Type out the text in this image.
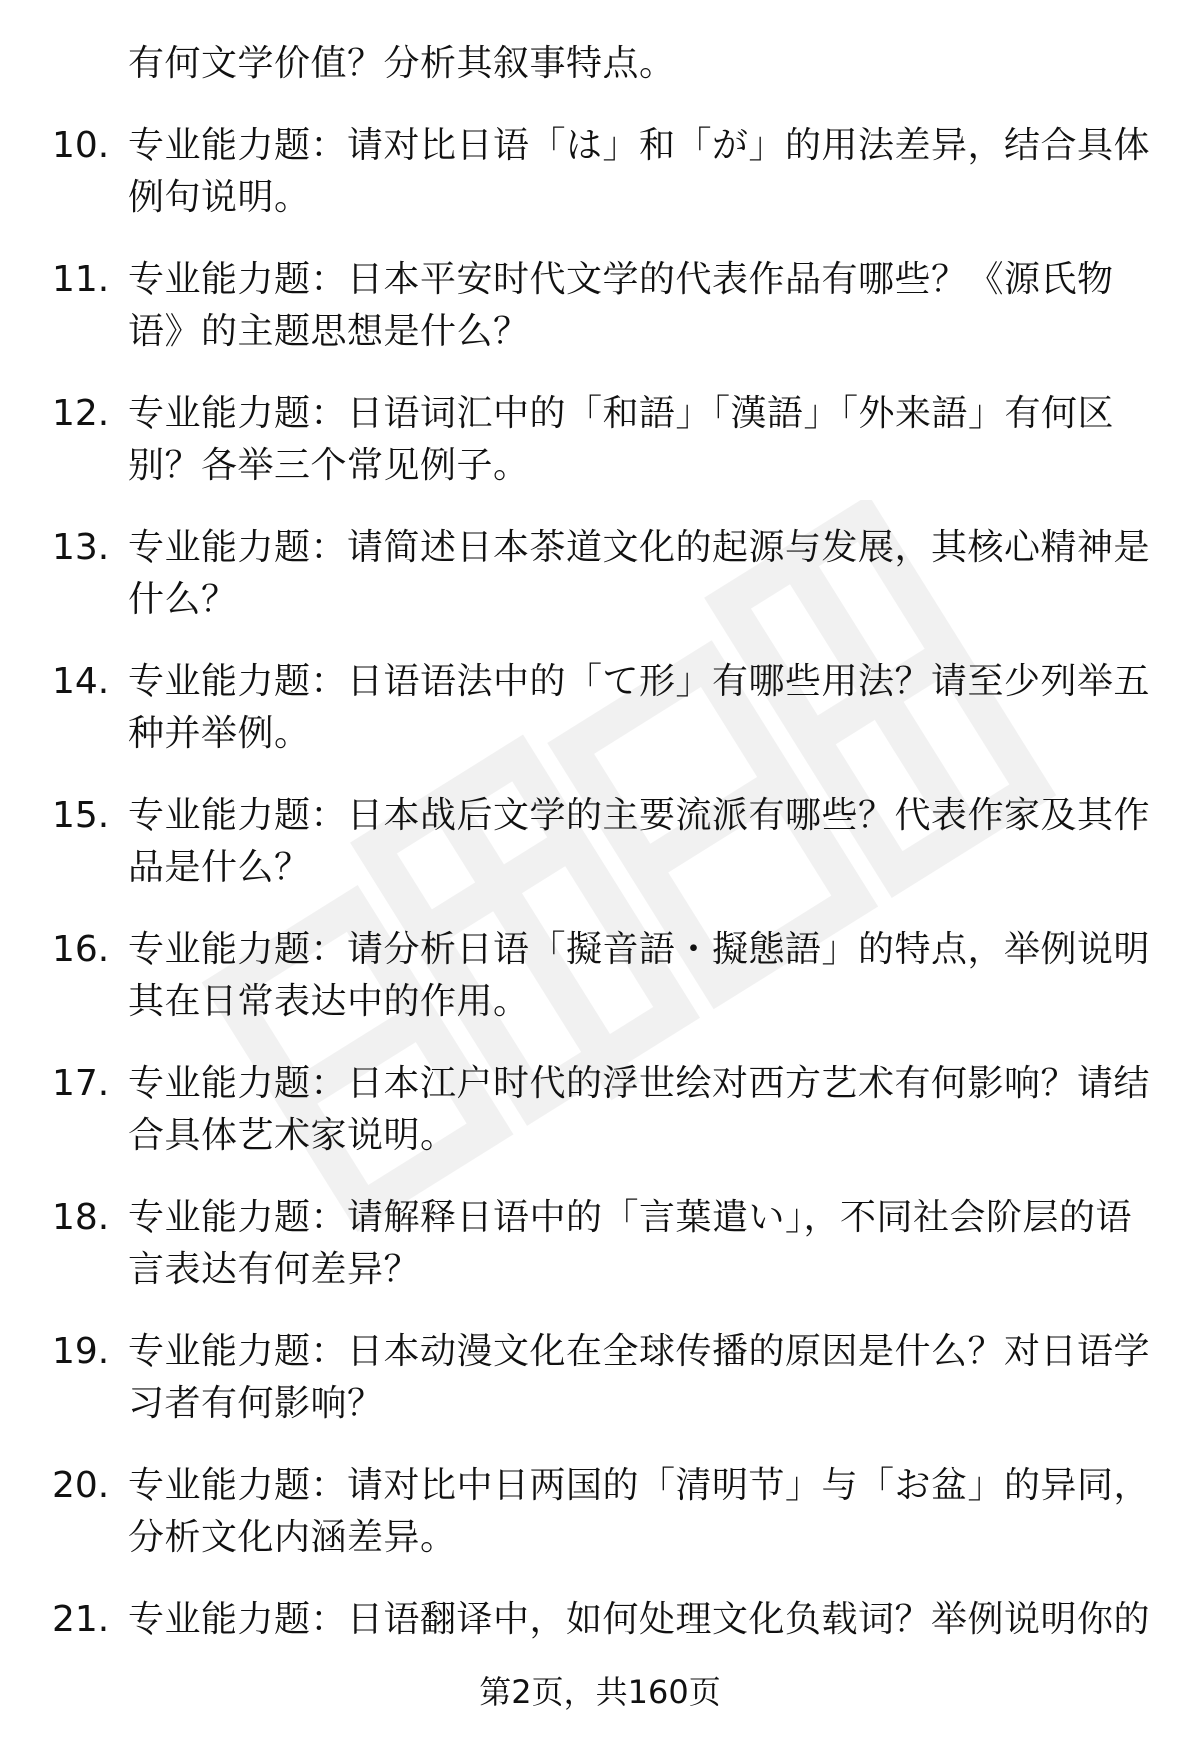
有何文学价值？分析其叙事特点。
10. 专业能力题：请对比日语「は」和「が」的用法差异，结合具体
例句说明。
11. 专业能力题：日本平安时代文学的代表作品有哪些？《源氏物
语》的主题思想是什么？
12. 专业能力题：日语词汇中的「和語」「漢語」「外来語」有何区
别？各举三个常见例子。
13. 专业能力题：请简述日本茶道文化的起源与发展，其核心精神是
什么？
14. 专业能力题：日语语法中的「て形」有哪些用法？请至少列举五
种并举例。
15. 专业能力题：日本战后文学的主要流派有哪些？代表作家及其作
品是什么？
16. 专业能力题：请分析日语「擬音語・擬態語」的特点，举例说明
其在日常表达中的作用。
17. 专业能力题：日本江户时代的浮世绘对西方艺术有何影响？请结
合具体艺术家说明。
18. 专业能力题：请解释日语中的「言葉遣い」，不同社会阶层的语
言表达有何差异？
19. 专业能力题：日本动漫文化在全球传播的原因是什么？对日语学
习者有何影响？
20. 专业能力题：请对比中日两国的「清明节」与「お盆」的异同，
分析文化内涵差异。
21. 专业能力题：日语翻译中，如何处理文化负载词？举例说明你的
第2页，共160页
